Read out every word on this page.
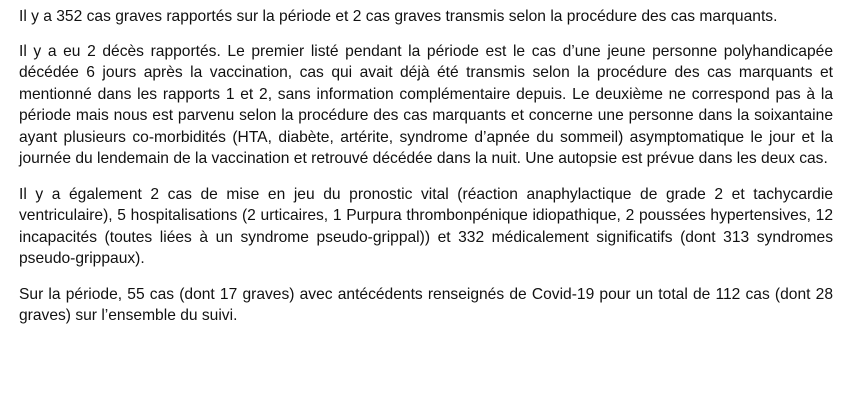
Il y a 352 cas graves rapportés sur la période et 2 cas graves transmis selon la procédure des cas marquants.

Il y a eu 2 décès rapportés. Le premier listé pendant la période est le cas d’une jeune personne polyhandicapée décédée 6 jours après la vaccination, cas qui avait déjà été transmis selon la procédure des cas marquants et mentionné dans les rapports 1 et 2, sans information complémentaire depuis. Le deuxième ne correspond pas à la période mais nous est parvenu selon la procédure des cas marquants et concerne une personne dans la soixantaine ayant plusieurs co-morbidités (HTA, diabète, artérite, syndrome d’apnée du sommeil) asymptomatique le jour et la journée du lendemain de la vaccination et retrouvé décédée dans la nuit. Une autopsie est prévue dans les deux cas.

Il y a également 2 cas de mise en jeu du pronostic vital (réaction anaphylactique de grade 2 et tachycardie ventriculaire), 5 hospitalisations (2 urticaires, 1 Purpura thrombonpénique idiopathique, 2 poussées hypertensives, 12 incapacités (toutes liées à un syndrome pseudo-grippal)) et 332 médicalement significatifs (dont 313 syndromes pseudo-grippaux).

Sur la période, 55 cas (dont 17 graves) avec antécédents renseignés de Covid-19 pour un total de 112 cas (dont 28 graves) sur l’ensemble du suivi.
